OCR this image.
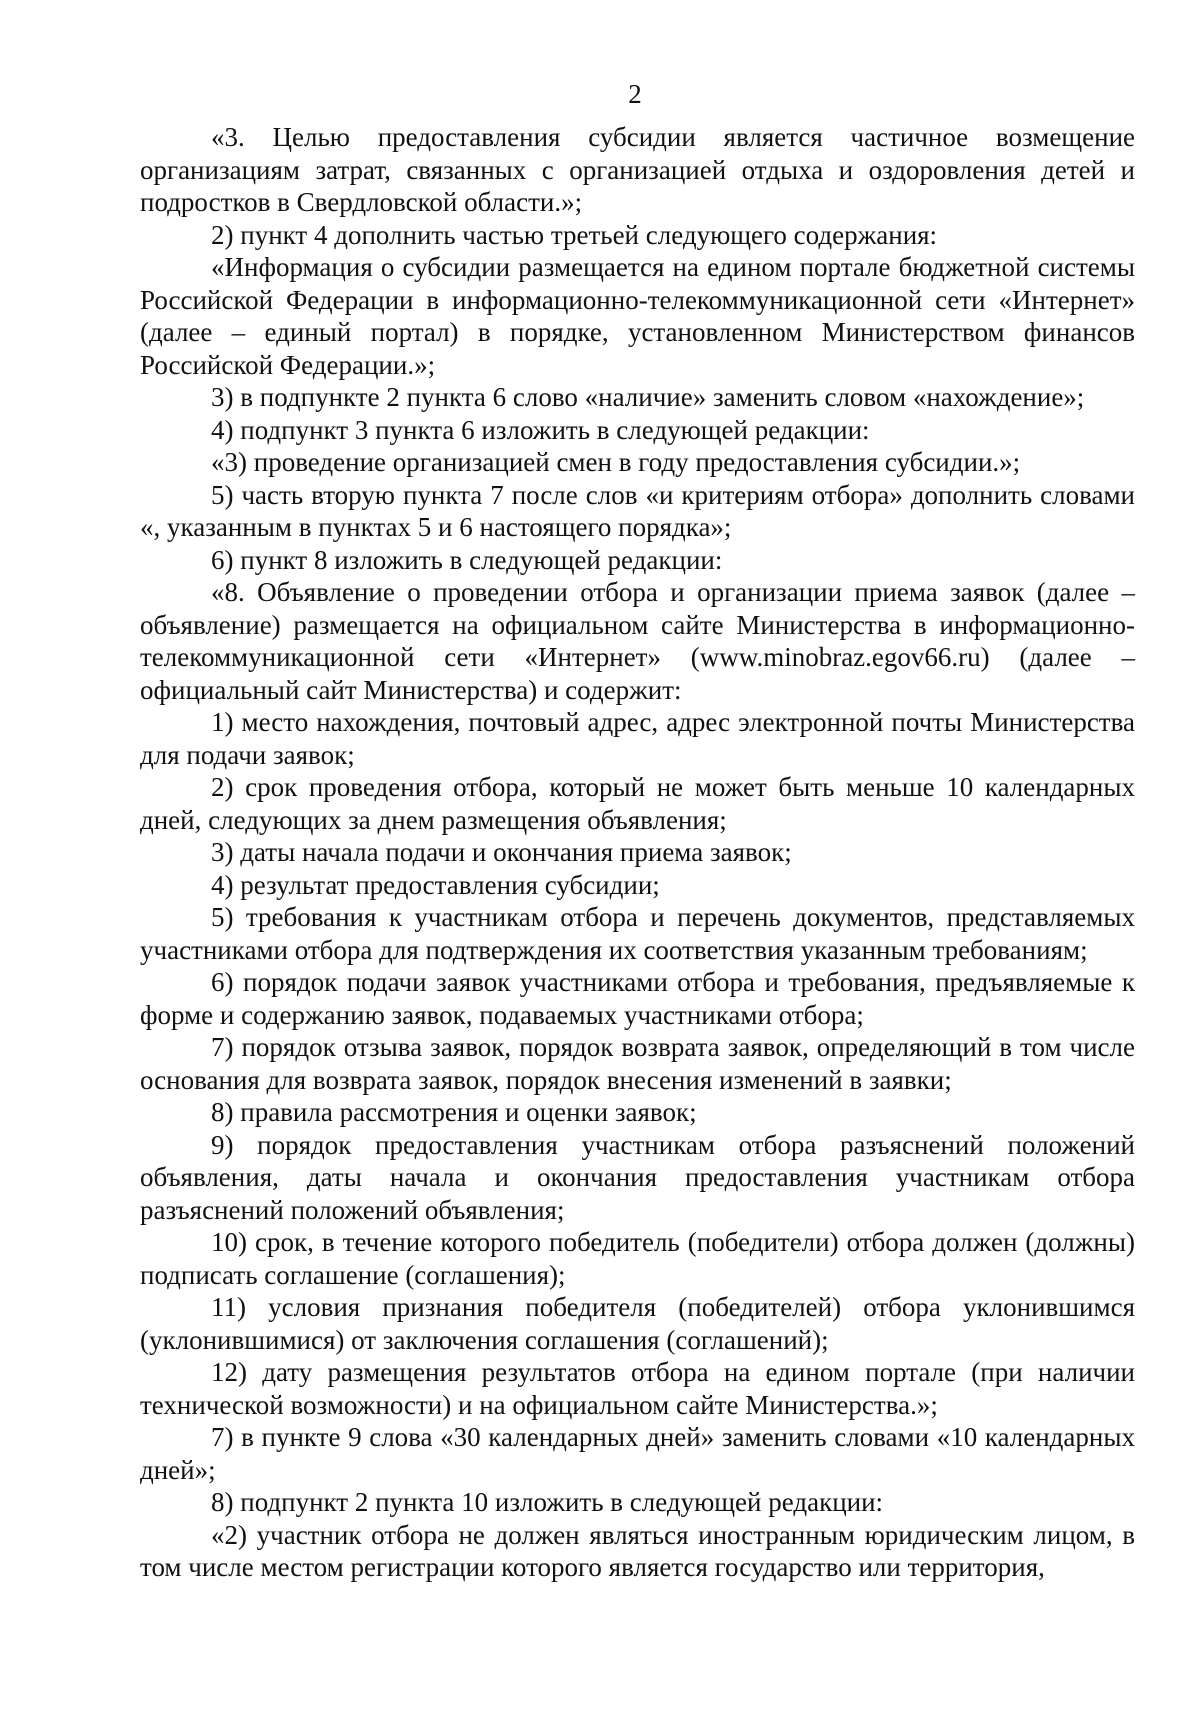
2

«3. Целью предоставления субсидии является частичное возмещение организациям затрат, связанных с организацией отдыха и оздоровления детей и подростков в Свердловской области.»;

2) пункт 4 дополнить частью третьей следующего содержания:

«Информация о субсидии размещается на едином портале бюджетной системы Российской Федерации в информационно-телекоммуникационной сети «Интернет» (далее – единый портал) в порядке, установленном Министерством финансов Российской Федерации.»;

3) в подпункте 2 пункта 6 слово «наличие» заменить словом «нахождение»;

4) подпункт 3 пункта 6 изложить в следующей редакции:

«3) проведение организацией смен в году предоставления субсидии.»;

5) часть вторую пункта 7 после слов «и критериям отбора» дополнить словами «, указанным в пунктах 5 и 6 настоящего порядка»;

6) пункт 8 изложить в следующей редакции:

«8. Объявление о проведении отбора и организации приема заявок (далее – объявление) размещается на официальном сайте Министерства в информационно-телекоммуникационной сети «Интернет» (www.minobraz.egov66.ru) (далее – официальный сайт Министерства) и содержит:

1) место нахождения, почтовый адрес, адрес электронной почты Министерства для подачи заявок;

2) срок проведения отбора, который не может быть меньше 10 календарных дней, следующих за днем размещения объявления;

3) даты начала подачи и окончания приема заявок;

4) результат предоставления субсидии;

5) требования к участникам отбора и перечень документов, представляемых участниками отбора для подтверждения их соответствия указанным требованиям;

6) порядок подачи заявок участниками отбора и требования, предъявляемые к форме и содержанию заявок, подаваемых участниками отбора;

7) порядок отзыва заявок, порядок возврата заявок, определяющий в том числе основания для возврата заявок, порядок внесения изменений в заявки;

8) правила рассмотрения и оценки заявок;

9) порядок предоставления участникам отбора разъяснений положений объявления, даты начала и окончания предоставления участникам отбора разъяснений положений объявления;

10) срок, в течение которого победитель (победители) отбора должен (должны) подписать соглашение (соглашения);

11) условия признания победителя (победителей) отбора уклонившимся (уклонившимися) от заключения соглашения (соглашений);

12) дату размещения результатов отбора на едином портале (при наличии технической возможности) и на официальном сайте Министерства.»;

7) в пункте 9 слова «30 календарных дней» заменить словами «10 календарных дней»;

8) подпункт 2 пункта 10 изложить в следующей редакции:

«2) участник отбора не должен являться иностранным юридическим лицом, в том числе местом регистрации которого является государство или территория,
